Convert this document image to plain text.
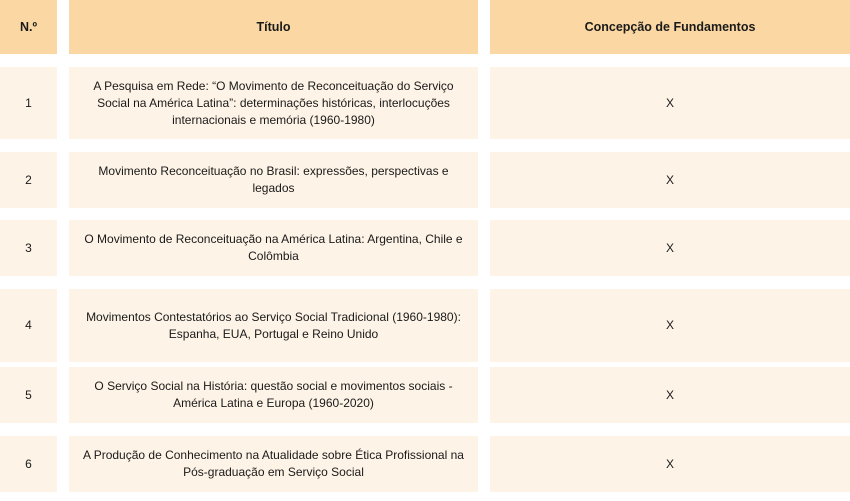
N.º	Título	Concepção de Fundamentos
1
A Pesquisa em Rede: “O Movimento de Reconceituação do Serviço Social na América Latina”: determinações históricas, interlocuções internacionais e memória (1960-1980)
X
2
Movimento Reconceituação no Brasil: expressões, perspectivas e legados
X
3
O Movimento de Reconceituação na América Latina: Argentina, Chile e Colômbia
X
4
Movimentos Contestatórios ao Serviço Social Tradicional (1960-1980): Espanha, EUA, Portugal e Reino Unido
X
5
O Serviço Social na História: questão social e movimentos sociais - América Latina e Europa (1960-2020)
X
6
A Produção de Conhecimento na Atualidade sobre Ética Profissional na Pós-graduação em Serviço Social
X
